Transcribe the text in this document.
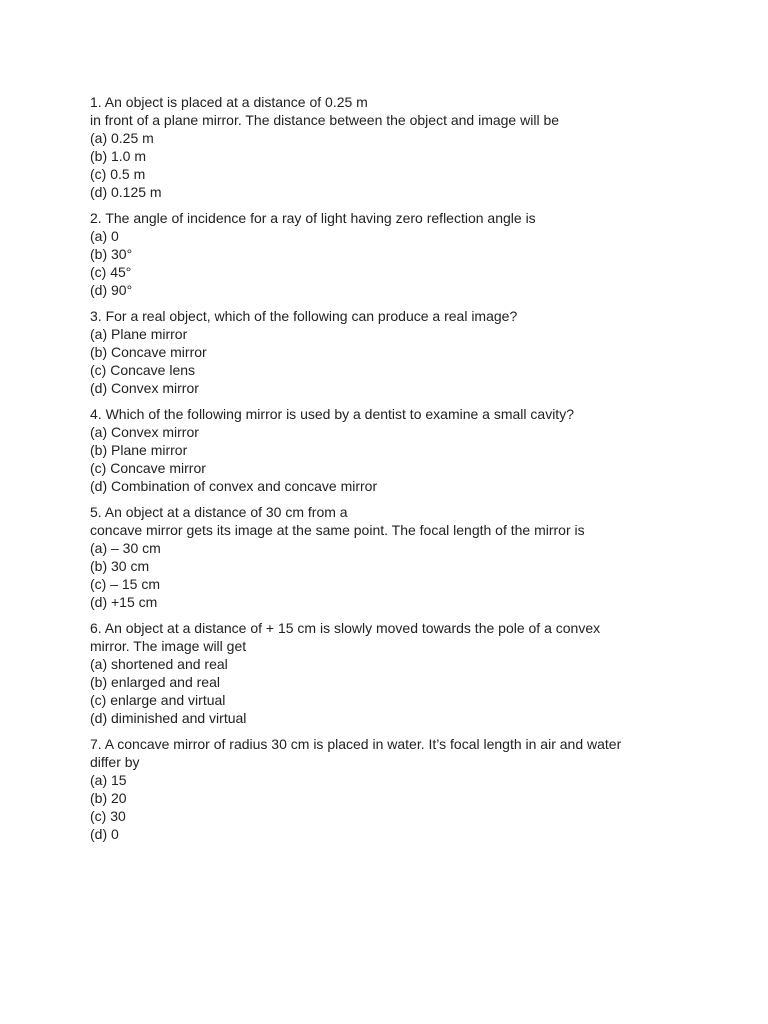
1. An object is placed at a distance of 0.25 m
in front of a plane mirror. The distance between the object and image will be
(a) 0.25 m
(b) 1.0 m
(c) 0.5 m
(d) 0.125 m
2. The angle of incidence for a ray of light having zero reflection angle is
(a) 0
(b) 30°
(c) 45°
(d) 90°
3. For a real object, which of the following can produce a real image?
(a) Plane mirror
(b) Concave mirror
(c) Concave lens
(d) Convex mirror
4. Which of the following mirror is used by a dentist to examine a small cavity?
(a) Convex mirror
(b) Plane mirror
(c) Concave mirror
(d) Combination of convex and concave mirror
5. An object at a distance of 30 cm from a
concave mirror gets its image at the same point. The focal length of the mirror is
(a) – 30 cm
(b) 30 cm
(c) – 15 cm
(d) +15 cm
6. An object at a distance of + 15 cm is slowly moved towards the pole of a convex
mirror. The image will get
(a) shortened and real
(b) enlarged and real
(c) enlarge and virtual
(d) diminished and virtual
7. A concave mirror of radius 30 cm is placed in water. It’s focal length in air and water
differ by
(a) 15
(b) 20
(c) 30
(d) 0
